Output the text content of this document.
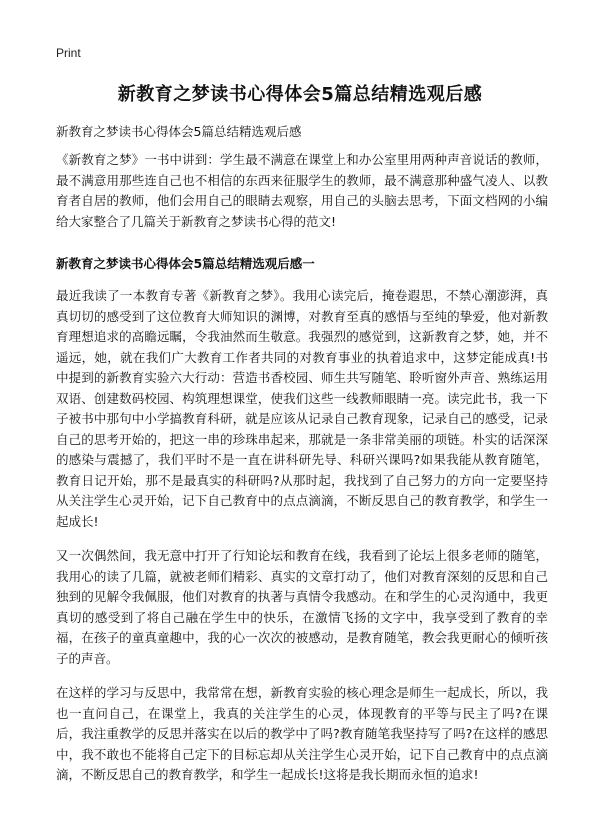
Print
新教育之梦读书心得体会5篇总结精选观后感
新教育之梦读书心得体会5篇总结精选观后感

《新教育之梦》一书中讲到：学生最不满意在课堂上和办公室里用两种声音说话的教师，最不满意用那些连自己也不相信的东西来征服学生的教师，最不满意那种盛气凌人、以教育者自居的教师，他们会用自己的眼睛去观察，用自己的头脑去思考，下面文档网的小编给大家整合了几篇关于新教育之梦读书心得的范文!

新教育之梦读书心得体会5篇总结精选观后感一

最近我读了一本教育专著《新教育之梦》。我用心读完后，掩卷遐思，不禁心潮澎湃，真真切切的感受到了这位教育大师知识的渊博，对教育至真的感悟与至纯的挚爱，他对新教育理想追求的高瞻远瞩，令我油然而生敬意。我强烈的感觉到，这新教育之梦，她，并不遥远，她，就在我们广大教育工作者共同的对教育事业的执着追求中，这梦定能成真!书中提到的新教育实验六大行动：营造书香校园、师生共写随笔、聆听窗外声音、熟练运用双语、创建数码校园、构筑理想课堂，使我们这些一线教师眼睛一亮。读完此书，我一下子被书中那句中小学搞教育科研，就是应该从记录自己教育现象，记录自己的感受，记录自己的思考开始的，把这一串的珍珠串起来，那就是一条非常美丽的项链。朴实的话深深的感染与震撼了，我们平时不是一直在讲科研先导、科研兴课吗?如果我能从教育随笔，教育日记开始，那不是最真实的科研吗?从那时起，我找到了自己努力的方向一定要坚持从关注学生心灵开始，记下自己教育中的点点滴滴，不断反思自己的教育教学，和学生一起成长!

又一次偶然间，我无意中打开了行知论坛和教育在线，我看到了论坛上很多老师的随笔，我用心的读了几篇，就被老师们精彩、真实的文章打动了，他们对教育深刻的反思和自己独到的见解令我佩服，他们对教育的执著与真情令我感动。在和学生的心灵沟通中，我更真切的感受到了将自己融在学生中的快乐，在激情飞扬的文字中，我享受到了教育的幸福，在孩子的童真童趣中，我的心一次次的被感动，是教育随笔，教会我更耐心的倾听孩子的声音。

在这样的学习与反思中，我常常在想，新教育实验的核心理念是师生一起成长，所以，我也一直问自己，在课堂上，我真的关注学生的心灵，体现教育的平等与民主了吗?在课后，我注重教学的反思并落实在以后的教学中了吗?教育随笔我坚持写了吗?在这样的感思中，我不敢也不能将自己定下的目标忘却从关注学生心灵开始，记下自己教育中的点点滴滴，不断反思自己的教育教学，和学生一起成长!这将是我长期而永恒的追求!
